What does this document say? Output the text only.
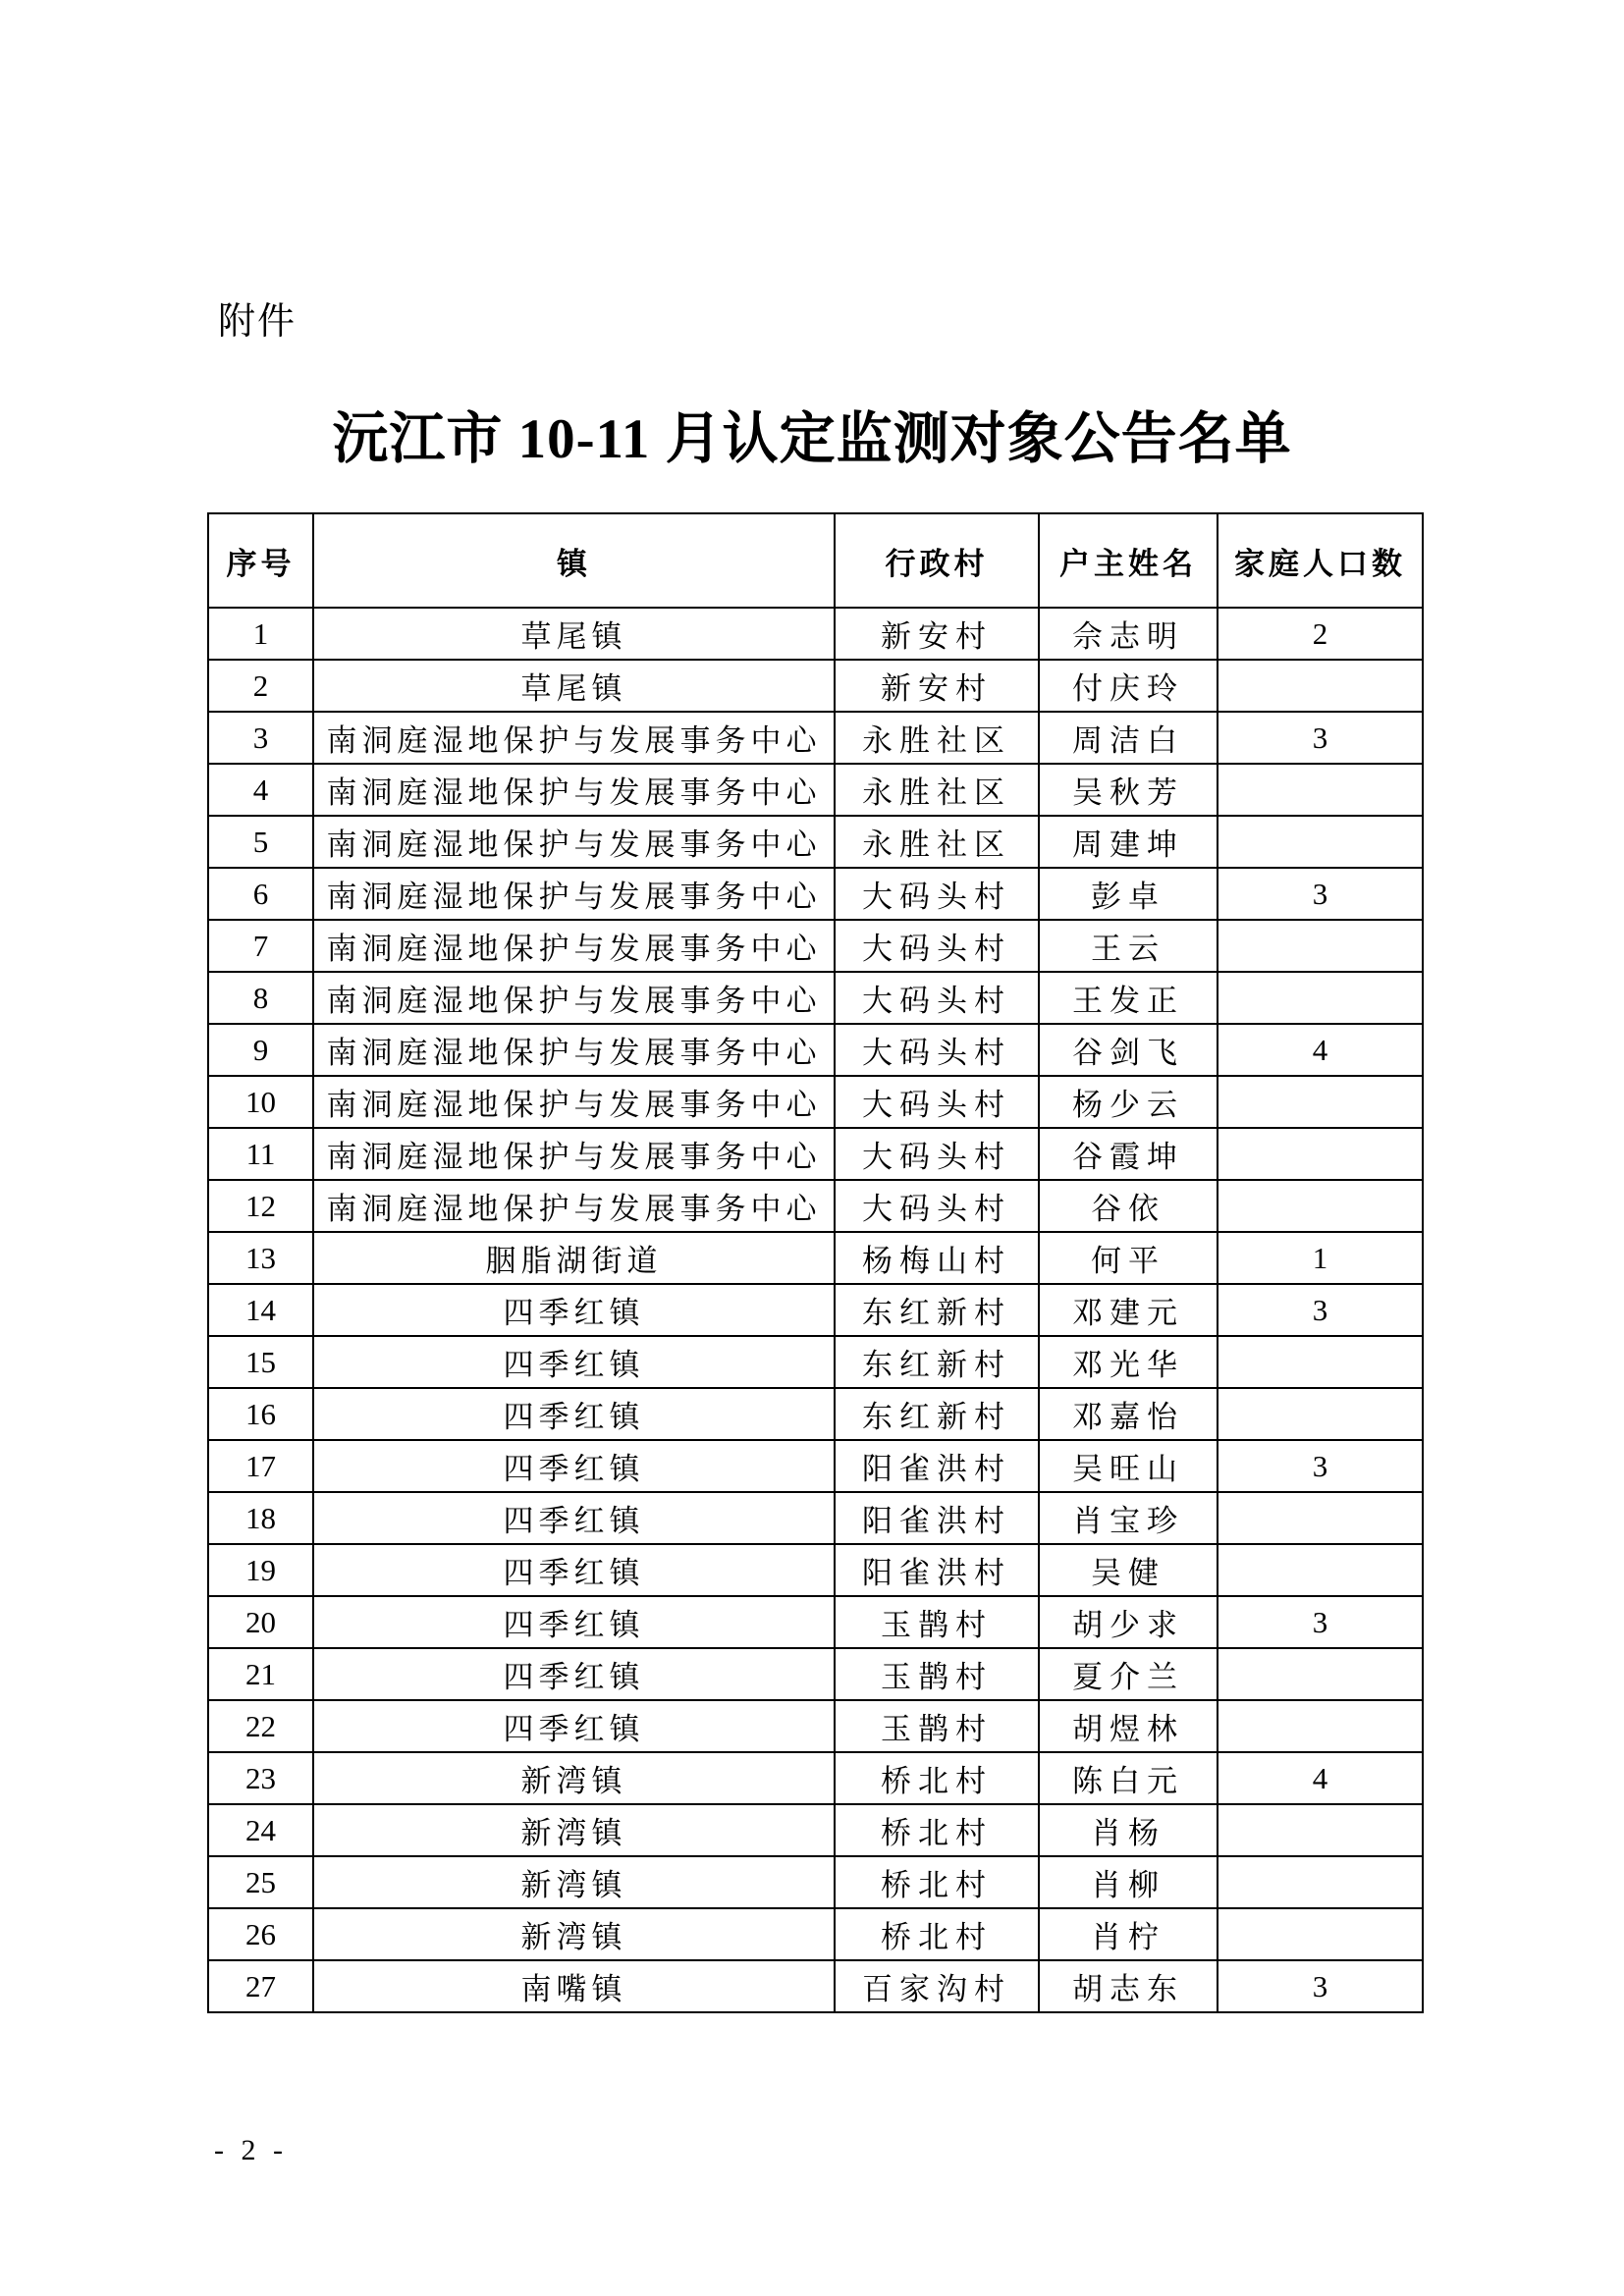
附件
沅江市 10-11 月认定监测对象公告名单
序号	镇	行政村	户主姓名	家庭人口数
1	草尾镇	新安村	佘志明	2
2	草尾镇	新安村	付庆玲	
3	南洞庭湿地保护与发展事务中心	永胜社区	周洁白	3
4	南洞庭湿地保护与发展事务中心	永胜社区	吴秋芳	
5	南洞庭湿地保护与发展事务中心	永胜社区	周建坤	
6	南洞庭湿地保护与发展事务中心	大码头村	彭卓	3
7	南洞庭湿地保护与发展事务中心	大码头村	王云	
8	南洞庭湿地保护与发展事务中心	大码头村	王发正	
9	南洞庭湿地保护与发展事务中心	大码头村	谷剑飞	4
10	南洞庭湿地保护与发展事务中心	大码头村	杨少云	
11	南洞庭湿地保护与发展事务中心	大码头村	谷霞坤	
12	南洞庭湿地保护与发展事务中心	大码头村	谷依	
13	胭脂湖街道	杨梅山村	何平	1
14	四季红镇	东红新村	邓建元	3
15	四季红镇	东红新村	邓光华	
16	四季红镇	东红新村	邓嘉怡	
17	四季红镇	阳雀洪村	吴旺山	3
18	四季红镇	阳雀洪村	肖宝珍	
19	四季红镇	阳雀洪村	吴健	
20	四季红镇	玉鹊村	胡少求	3
21	四季红镇	玉鹊村	夏介兰	
22	四季红镇	玉鹊村	胡煜林	
23	新湾镇	桥北村	陈白元	4
24	新湾镇	桥北村	肖杨	
25	新湾镇	桥北村	肖柳	
26	新湾镇	桥北村	肖柠	
27	南嘴镇	百家沟村	胡志东	3
- 2 -
